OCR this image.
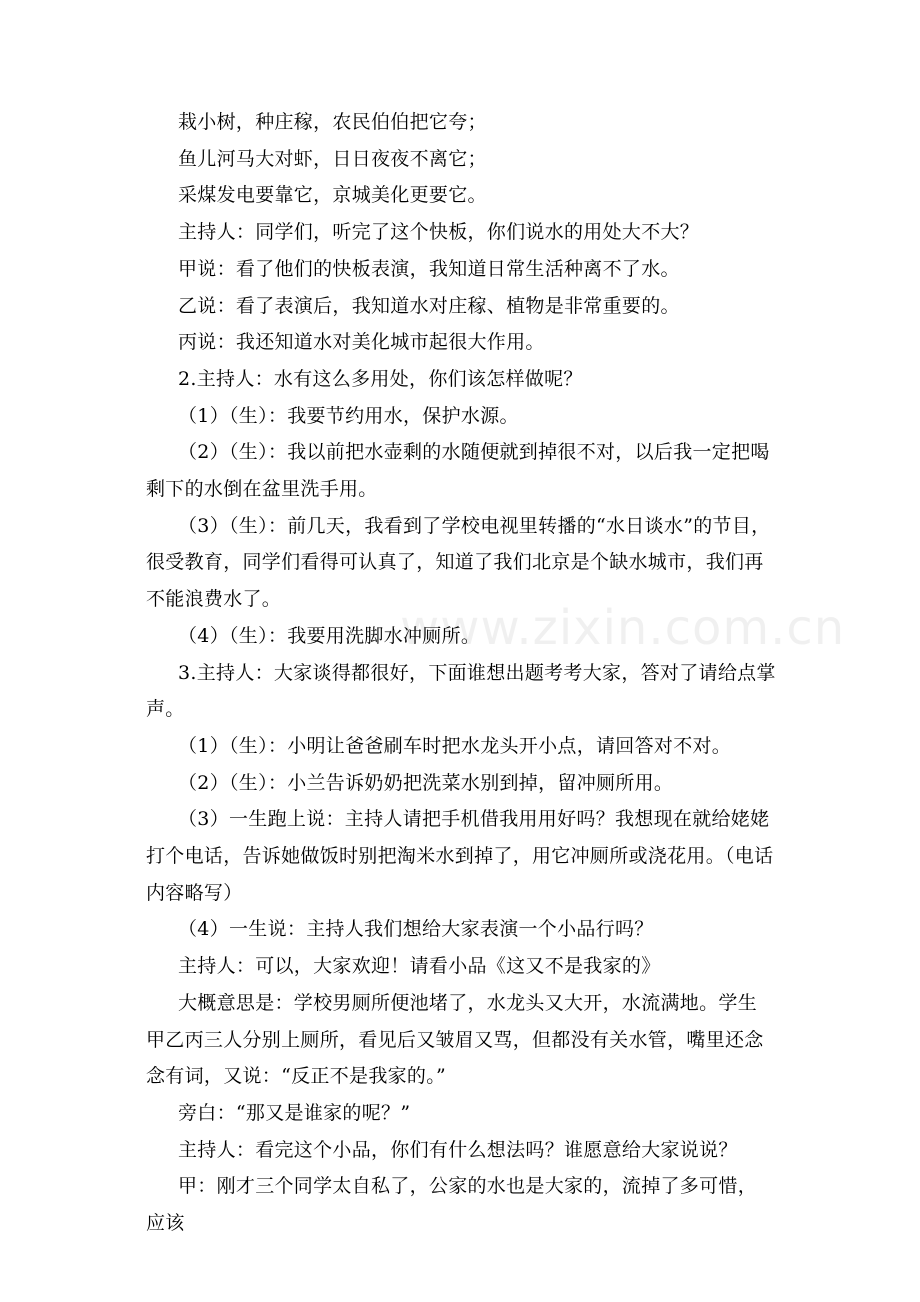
栽小树，种庄稼，农民伯伯把它夸；

鱼儿河马大对虾，日日夜夜不离它；

采煤发电要靠它，京城美化更要它。

主持人：同学们，听完了这个快板，你们说水的用处大不大？

甲说：看了他们的快板表演，我知道日常生活种离不了水。

乙说：看了表演后，我知道水对庄稼、植物是非常重要的。

丙说：我还知道水对美化城市起很大作用。

2.主持人：水有这么多用处，你们该怎样做呢？

（1）（生）：我要节约用水，保护水源。

（2）（生）：我以前把水壶剩的水随便就到掉很不对，以后我一定把喝剩下的水倒在盆里洗手用。

（3）（生）：前几天，我看到了学校电视里转播的“水日谈水”的节目，很受教育，同学们看得可认真了，知道了我们北京是个缺水城市，我们再不能浪费水了。

（4）（生）：我要用洗脚水冲厕所。

3.主持人：大家谈得都很好，下面谁想出题考考大家，答对了请给点掌声。

（1）（生）：小明让爸爸刷车时把水龙头开小点，请回答对不对。

（2）（生）：小兰告诉奶奶把洗菜水别到掉，留冲厕所用。

（3）一生跑上说：主持人请把手机借我用用好吗？我想现在就给姥姥打个电话，告诉她做饭时别把淘米水到掉了，用它冲厕所或浇花用。（电话内容略写）

（4）一生说：主持人我们想给大家表演一个小品行吗？

主持人：可以，大家欢迎！请看小品《这又不是我家的》

大概意思是：学校男厕所便池堵了，水龙头又大开，水流满地。学生甲乙丙三人分别上厕所，看见后又皱眉又骂，但都没有关水管，嘴里还念念有词，又说：“反正不是我家的。”

旁白：“那又是谁家的呢？”

主持人：看完这个小品，你们有什么想法吗？谁愿意给大家说说？

甲：刚才三个同学太自私了，公家的水也是大家的，流掉了多可惜，应该

www.zixin.com.cn
